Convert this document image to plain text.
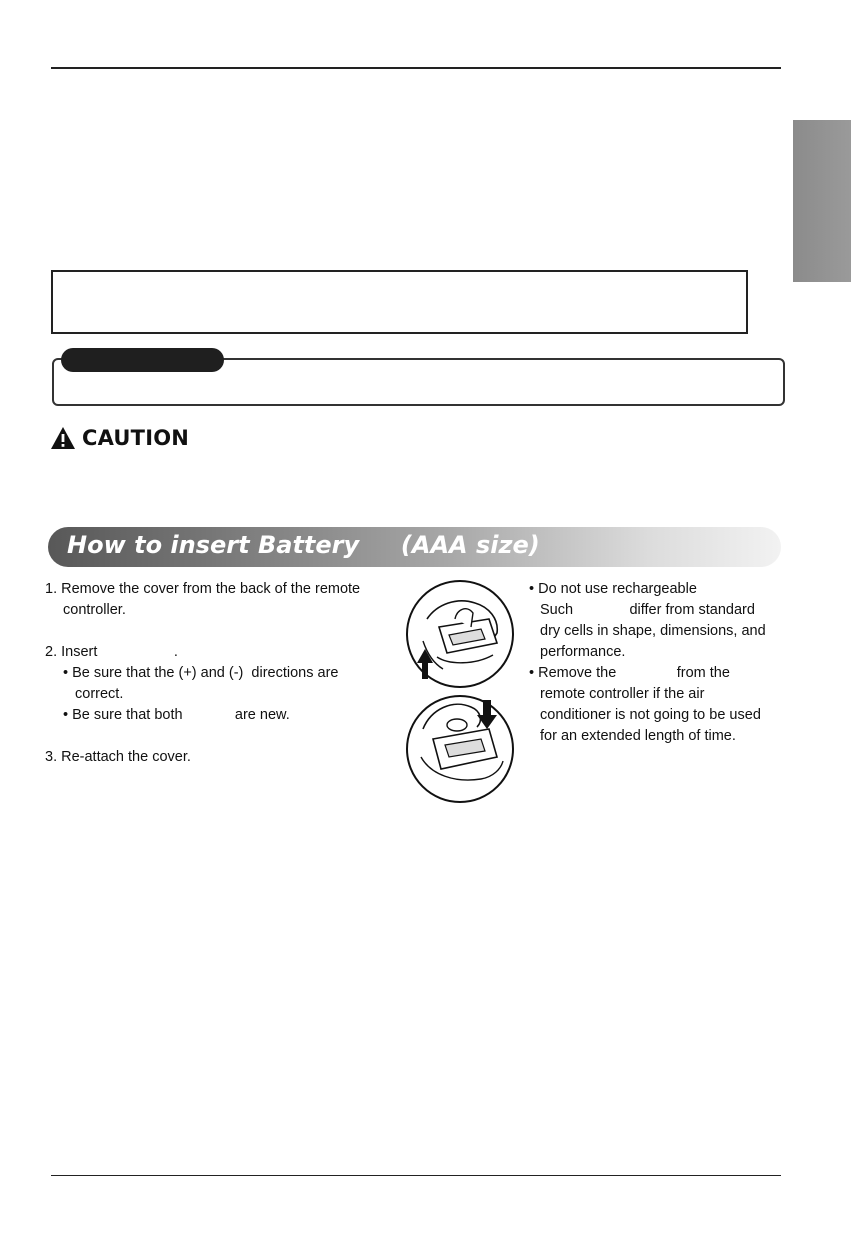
CAUTION
How to insert Battery     (AAA size)

1. Remove the cover from the back of the remote

controller.

2. Insert                   .

• Be sure that the (+) and (-)  directions are

correct.

• Be sure that both             are new.

3. Re-attach the cover.

• Do not use rechargeable

Such              differ from standard

dry cells in shape, dimensions, and

performance.

• Remove the               from the

remote controller if the air

conditioner is not going to be used

for an extended length of time.
